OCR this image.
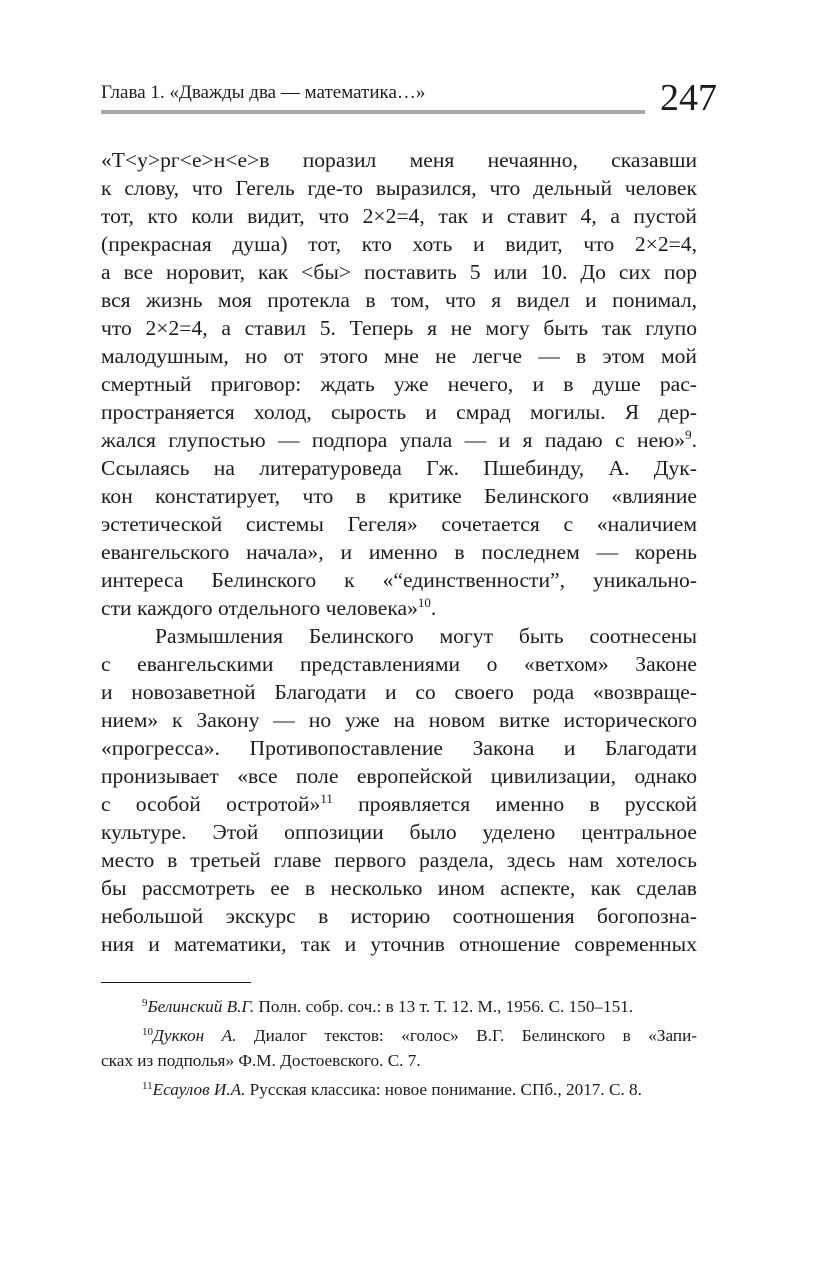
Глава 1. «Дважды два — математика…»	247
«Т<у>рг<е>н<е>в поразил меня нечаянно, сказавши
к слову, что Гегель где-то выразился, что дельный человек
тот, кто коли видит, что 2×2=4, так и ставит 4, а пустой
(прекрасная душа) тот, кто хоть и видит, что 2×2=4,
а все норовит, как <бы> поставить 5 или 10. До сих пор
вся жизнь моя протекла в том, что я видел и понимал,
что 2×2=4, а ставил 5. Теперь я не могу быть так глупо
малодушным, но от этого мне не легче — в этом мой
смертный приговор: ждать уже нечего, и в душе рас-
пространяется холод, сырость и смрад могилы. Я дер-
жался глупостью — подпора упала — и я падаю с нею»$^9$.
Ссылаясь на литературоведа Гж. Пшебинду, А. Дук-
кон констатирует, что в критике Белинского «влияние
эстетической системы Гегеля» сочетается с «наличием
евангельского начала», и именно в последнем — корень
интереса Белинского к «“единственности”, уникально-
сти каждого отдельного человека»$^{10}$.
Размышления Белинского могут быть соотнесены
с евангельскими представлениями о «ветхом» Законе
и новозаветной Благодати и со своего рода «возвраще-
нием» к Закону — но уже на новом витке исторического
«прогресса». Противопоставление Закона и Благодати
пронизывает «все поле европейской цивилизации, однако
с особой остротой»$^{11}$ проявляется именно в русской
культуре. Этой оппозиции было уделено центральное
место в третьей главе первого раздела, здесь нам хотелось
бы рассмотреть ее в несколько ином аспекте, как сделав
небольшой экскурс в историю соотношения богопозна-
ния и математики, так и уточнив отношение современных
$^9$Белинский В.Г. Полн. собр. соч.: в 13 т. Т. 12. М., 1956. С. 150–151.
$^{10}$Дуккон А. Диалог текстов: «голос» В.Г. Белинского в «Запи-
сках из подполья» Ф.М. Достоевского. С. 7.
$^{11}$Есаулов И.А. Русская классика: новое понимание. СПб., 2017. С. 8.
